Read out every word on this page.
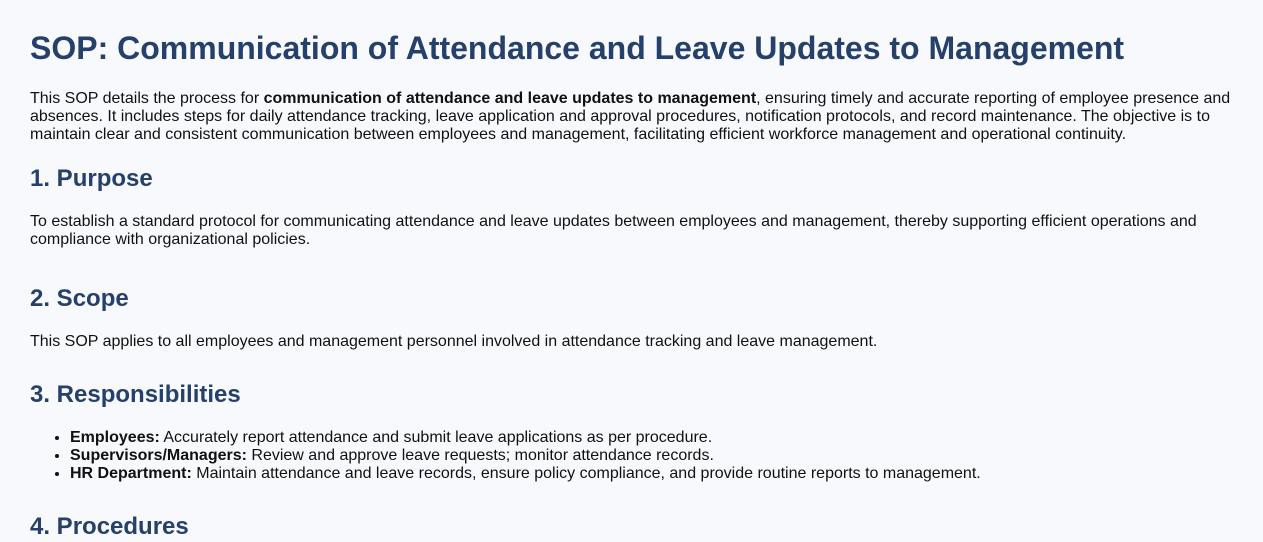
SOP: Communication of Attendance and Leave Updates to Management

This SOP details the process for communication of attendance and leave updates to management, ensuring timely and accurate reporting of employee presence and absences. It includes steps for daily attendance tracking, leave application and approval procedures, notification protocols, and record maintenance. The objective is to maintain clear and consistent communication between employees and management, facilitating efficient workforce management and operational continuity.

1. Purpose

To establish a standard protocol for communicating attendance and leave updates between employees and management, thereby supporting efficient operations and compliance with organizational policies.

2. Scope

This SOP applies to all employees and management personnel involved in attendance tracking and leave management.

3. Responsibilities
• Employees: Accurately report attendance and submit leave applications as per procedure.
• Supervisors/Managers: Review and approve leave requests; monitor attendance records.
• HR Department: Maintain attendance and leave records, ensure policy compliance, and provide routine reports to management.
4. Procedures
